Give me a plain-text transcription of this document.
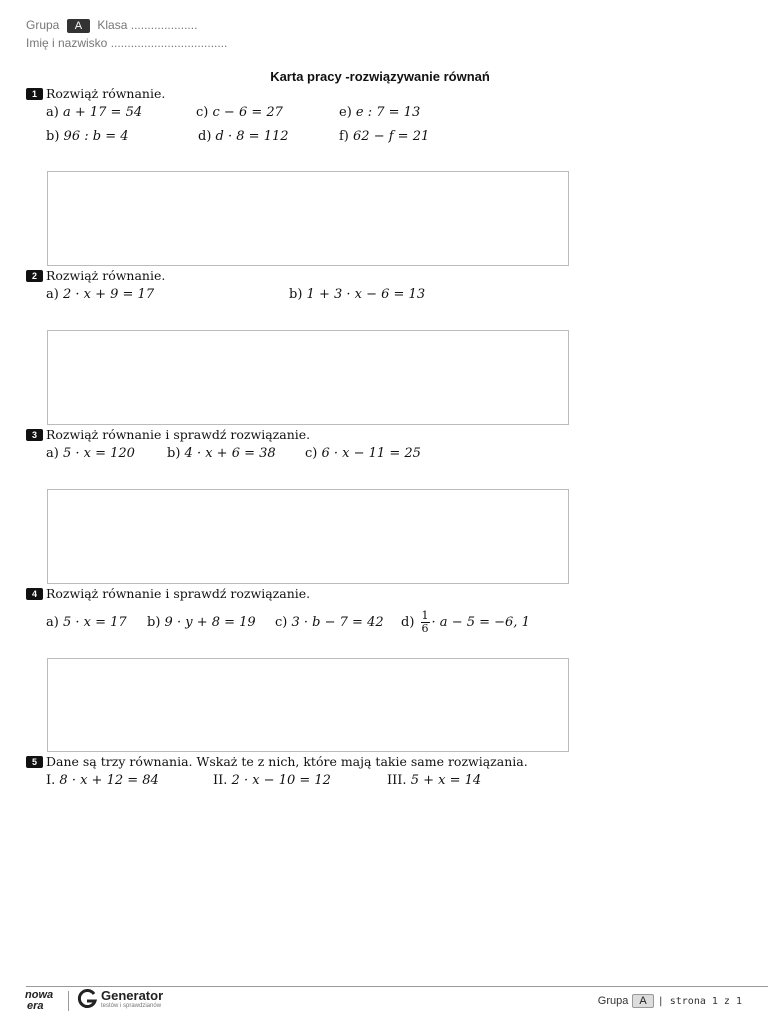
Grupa A Klasa ....................
Imię i nazwisko ...................................
Karta pracy -rozwiązywanie równań
1 Rozwiąż równanie.
a) a + 17 = 54	c) c − 6 = 27	e) e : 7 = 13
b) 96 : b = 4	d) d · 8 = 112	f) 62 − f = 21
2 Rozwiąż równanie.
a) 2 · x + 9 = 17	b) 1 + 3 · x − 6 = 13
3 Rozwiąż równanie i sprawdź rozwiązanie.
a) 5 · x = 120 b) 4 · x + 6 = 38 c) 6 · x − 11 = 25
4 Rozwiąż równanie i sprawdź rozwiązanie.
a) 5 · x = 17 b) 9 · y + 8 = 19 c) 3 · b − 7 = 42 d)
$\frac{1}{6} \cdot a - 5 = -6$, 1
5 Dane są trzy równania. Wskaż te z nich, które mają takie same rozwiązania.
I. 8 · x + 12 = 84	II. 2 · x − 10 = 12	III. 5 + x = 14
nowa
era
Generator
testów i sprawdzianów	Grupa	A	| strona 1 z 1
